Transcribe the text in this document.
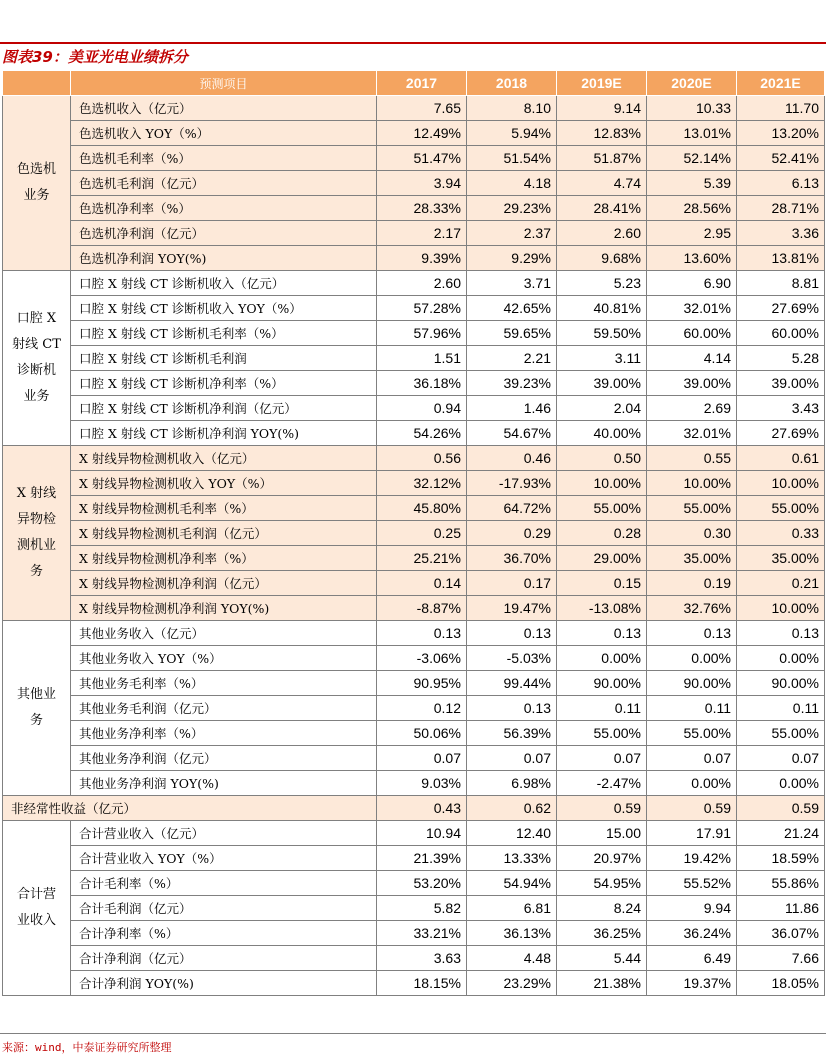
图表39：美亚光电业绩拆分
	预测项目	2017	2018	2019E	2020E	2021E

色选机
业务	色选机收入（亿元）	7.65	8.10	9.14	10.33	11.70
	色选机收入 YOY（%）	12.49%	5.94%	12.83%	13.01%	13.20%
	色选机毛利率（%）	51.47%	51.54%	51.87%	52.14%	52.41%
	色选机毛利润（亿元）	3.94	4.18	4.74	5.39	6.13
	色选机净利率（%）	28.33%	29.23%	28.41%	28.56%	28.71%
	色选机净利润（亿元）	2.17	2.37	2.60	2.95	3.36
	色选机净利润 YOY(%)	9.39%	9.29%	9.68%	13.60%	13.81%

口腔 X
射线 CT
诊断机
业务	口腔 X 射线 CT 诊断机收入（亿元）	2.60	3.71	5.23	6.90	8.81
	口腔 X 射线 CT 诊断机收入 YOY（%）	57.28%	42.65%	40.81%	32.01%	27.69%
	口腔 X 射线 CT 诊断机毛利率（%）	57.96%	59.65%	59.50%	60.00%	60.00%
	口腔 X 射线 CT 诊断机毛利润	1.51	2.21	3.11	4.14	5.28
	口腔 X 射线 CT 诊断机净利率（%）	36.18%	39.23%	39.00%	39.00%	39.00%
	口腔 X 射线 CT 诊断机净利润（亿元）	0.94	1.46	2.04	2.69	3.43
	口腔 X 射线 CT 诊断机净利润 YOY(%)	54.26%	54.67%	40.00%	32.01%	27.69%

X 射线
异物检
测机业
务	X 射线异物检测机收入（亿元）	0.56	0.46	0.50	0.55	0.61
	X 射线异物检测机收入 YOY（%）	32.12%	-17.93%	10.00%	10.00%	10.00%
	X 射线异物检测机毛利率（%）	45.80%	64.72%	55.00%	55.00%	55.00%
	X 射线异物检测机毛利润（亿元）	0.25	0.29	0.28	0.30	0.33
	X 射线异物检测机净利率（%）	25.21%	36.70%	29.00%	35.00%	35.00%
	X 射线异物检测机净利润（亿元）	0.14	0.17	0.15	0.19	0.21
	X 射线异物检测机净利润 YOY(%)	-8.87%	19.47%	-13.08%	32.76%	10.00%

其他业
务	其他业务收入（亿元）	0.13	0.13	0.13	0.13	0.13
	其他业务收入 YOY（%）	-3.06%	-5.03%	0.00%	0.00%	0.00%
	其他业务毛利率（%）	90.95%	99.44%	90.00%	90.00%	90.00%
	其他业务毛利润（亿元）	0.12	0.13	0.11	0.11	0.11
	其他业务净利率（%）	50.06%	56.39%	55.00%	55.00%	55.00%
	其他业务净利润（亿元）	0.07	0.07	0.07	0.07	0.07
	其他业务净利润 YOY(%)	9.03%	6.98%	-2.47%	0.00%	0.00%
非经常性收益（亿元）		0.43	0.62	0.59	0.59	0.59

合计营
业收入	合计营业收入（亿元）	10.94	12.40	15.00	17.91	21.24
	合计营业收入 YOY（%）	21.39%	13.33%	20.97%	19.42%	18.59%
	合计毛利率（%）	53.20%	54.94%	54.95%	55.52%	55.86%
	合计毛利润（亿元）	5.82	6.81	8.24	9.94	11.86
	合计净利率（%）	33.21%	36.13%	36.25%	36.24%	36.07%
	合计净利润（亿元）	3.63	4.48	5.44	6.49	7.66
	合计净利润 YOY(%)	18.15%	23.29%	21.38%	19.37%	18.05%
来源：wind，中泰证券研究所整理
